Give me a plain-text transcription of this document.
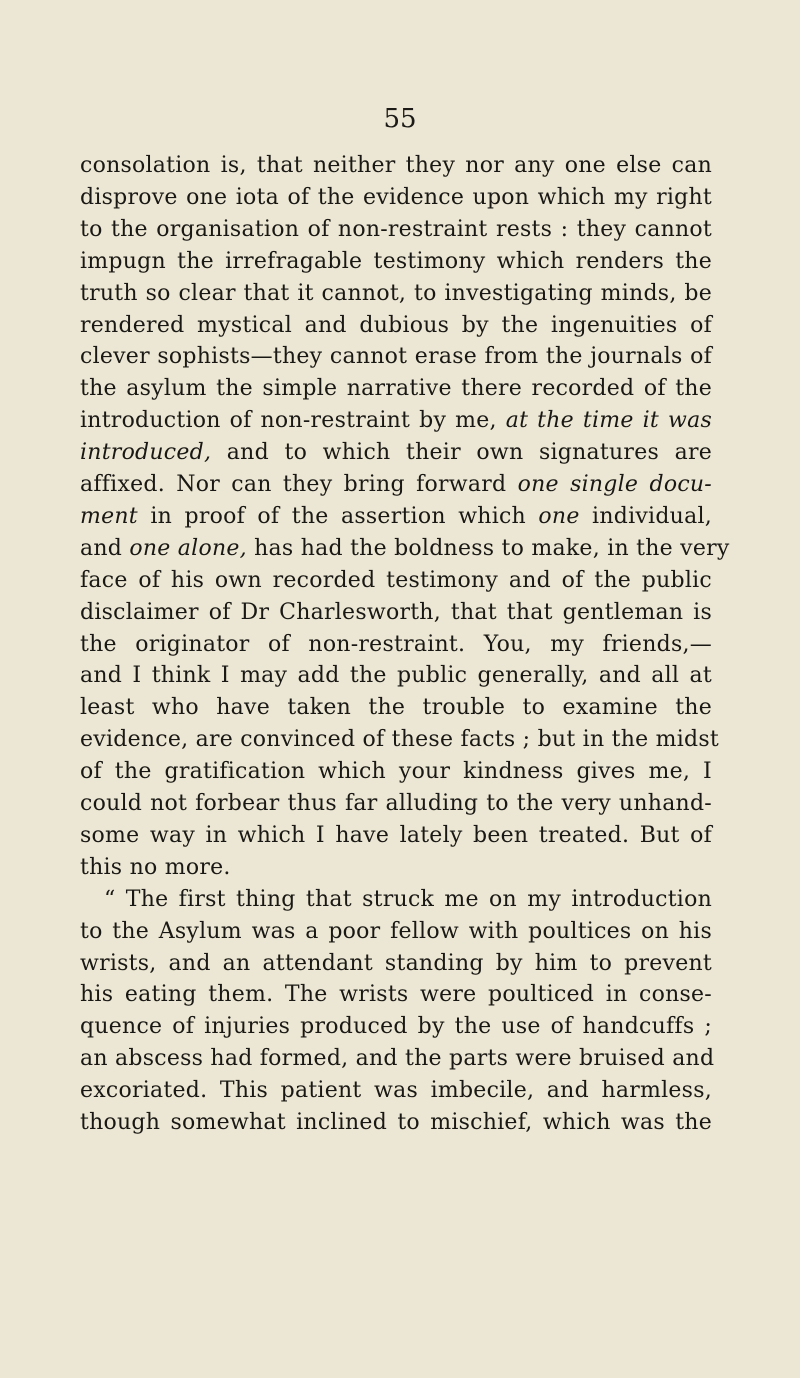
55
consolation is, that neither they nor any one else can
disprove one iota of the evidence upon which my right
to the organisation of non-restraint rests : they cannot
impugn the irrefragable testimony which renders the
truth so clear that it cannot, to investigating minds, be
rendered mystical and dubious by the ingenuities of
clever sophists—they cannot erase from the journals of
the asylum the simple narrative there recorded of the
introduction of non-restraint by me, at the time it was
introduced, and to which their own signatures are
affixed. Nor can they bring forward one single docu-
ment in proof of the assertion which one individual,
and one alone, has had the boldness to make, in the very
face of his own recorded testimony and of the public
disclaimer of Dr Charlesworth, that that gentleman is
the originator of non-restraint. You, my friends,—
and I think I may add the public generally, and all at
least who have taken the trouble to examine the
evidence, are convinced of these facts ; but in the midst
of the gratification which your kindness gives me, I
could not forbear thus far alluding to the very unhand-
some way in which I have lately been treated. But of
this no more.
“ The first thing that struck me on my introduction
to the Asylum was a poor fellow with poultices on his
wrists, and an attendant standing by him to prevent
his eating them. The wrists were poulticed in conse-
quence of injuries produced by the use of handcuffs ;
an abscess had formed, and the parts were bruised and
excoriated. This patient was imbecile, and harmless,
though somewhat inclined to mischief, which was the
